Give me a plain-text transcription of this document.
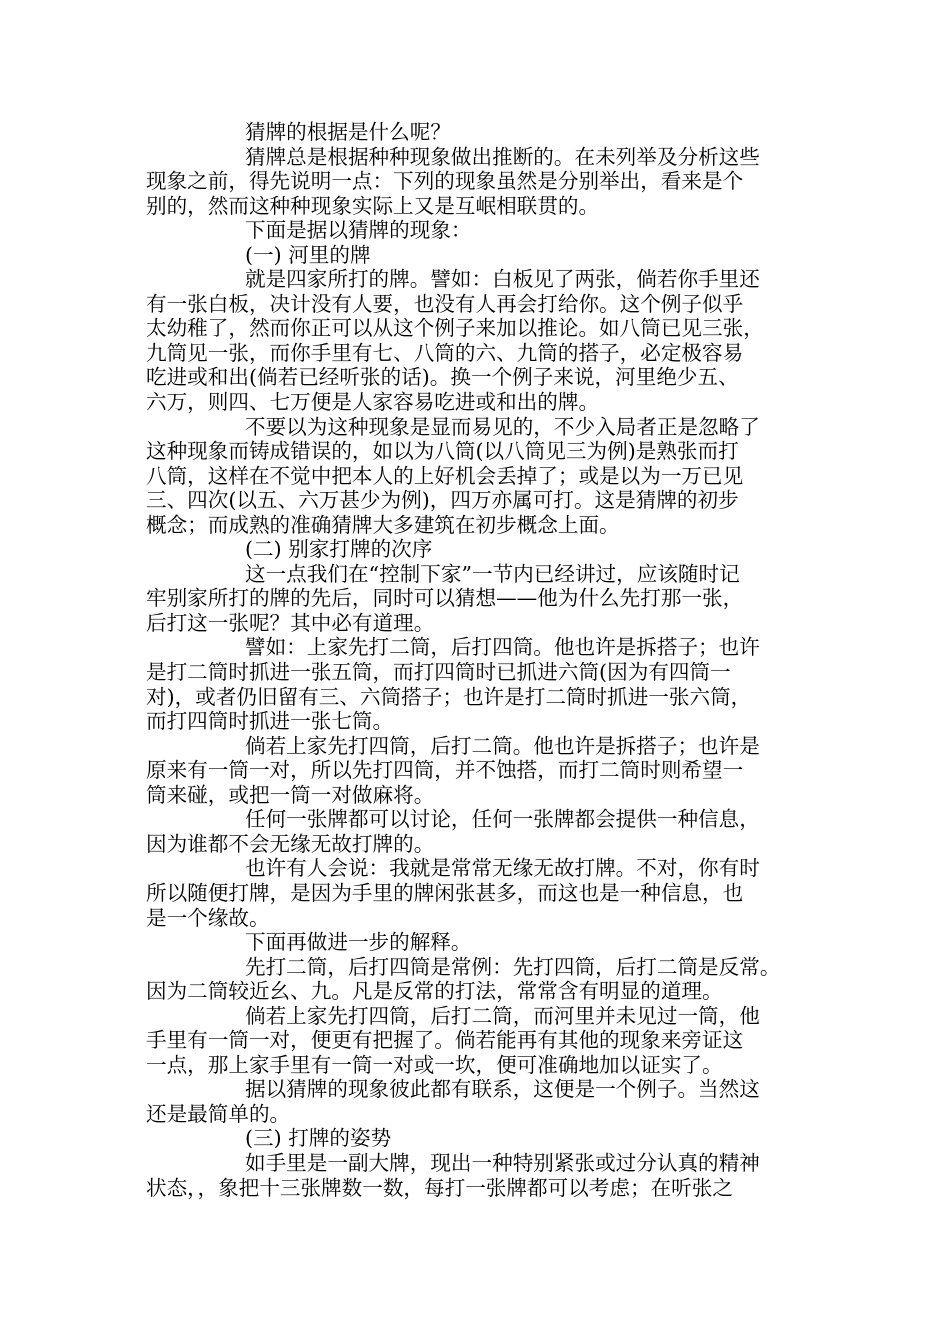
猜牌的根据是什么呢？

猜牌总是根据种种现象做出推断的。在未列举及分析这些

现象之前，得先说明一点：下列的现象虽然是分别举出，看来是个

别的，然而这种种现象实际上又是互岷相联贯的。

下面是据以猜牌的现象：

(一) 河里的牌

就是四家所打的牌。譬如：白板见了两张，倘若你手里还

有一张白板，决计没有人要，也没有人再会打给你。这个例子似乎

太幼稚了，然而你正可以从这个例子来加以推论。如八筒已见三张，

九筒见一张，而你手里有七、八筒的六、九筒的搭子，必定极容易

吃进或和出(倘若已经听张的话)。换一个例子来说，河里绝少五、

六万，则四、七万便是人家容易吃进或和出的牌。

不要以为这种现象是显而易见的，不少入局者正是忽略了

这种现象而铸成错误的，如以为八筒(以八筒见三为例)是熟张而打

八筒，这样在不觉中把本人的上好机会丢掉了；或是以为一万已见

三、四次(以五、六万甚少为例)，四万亦属可打。这是猜牌的初步

概念；而成熟的准确猜牌大多建筑在初步概念上面。

(二) 别家打牌的次序

这一点我们在“控制下家”一节内已经讲过，应该随时记

牢别家所打的牌的先后，同时可以猜想——他为什么先打那一张，

后打这一张呢？其中必有道理。

譬如：上家先打二筒，后打四筒。他也许是拆搭子；也许

是打二筒时抓进一张五筒，而打四筒时已抓进六筒(因为有四筒一

对)，或者仍旧留有三、六筒搭子；也许是打二筒时抓进一张六筒，

而打四筒时抓进一张七筒。

倘若上家先打四筒，后打二筒。他也许是拆搭子；也许是

原来有一筒一对，所以先打四筒，并不蚀搭，而打二筒时则希望一

筒来碰，或把一筒一对做麻将。

任何一张牌都可以讨论，任何一张牌都会提供一种信息，

因为谁都不会无缘无故打牌的。

也许有人会说：我就是常常无缘无故打牌。不对，你有时

所以随便打牌，是因为手里的牌闲张甚多，而这也是一种信息，也

是一个缘故。

下面再做进一步的解释。

先打二筒，后打四筒是常例：先打四筒，后打二筒是反常。

因为二筒较近幺、九。凡是反常的打法，常常含有明显的道理。

倘若上家先打四筒，后打二筒，而河里并未见过一筒，他

手里有一筒一对，便更有把握了。倘若能再有其他的现象来旁证这

一点，那上家手里有一筒一对或一坎，便可准确地加以证实了。

据以猜牌的现象彼此都有联系，这便是一个例子。当然这

还是最简单的。

(三) 打牌的姿势

如手里是一副大牌，现出一种特别紧张或过分认真的精神

状态，，象把十三张牌数一数，每打一张牌都可以考虑；在听张之
